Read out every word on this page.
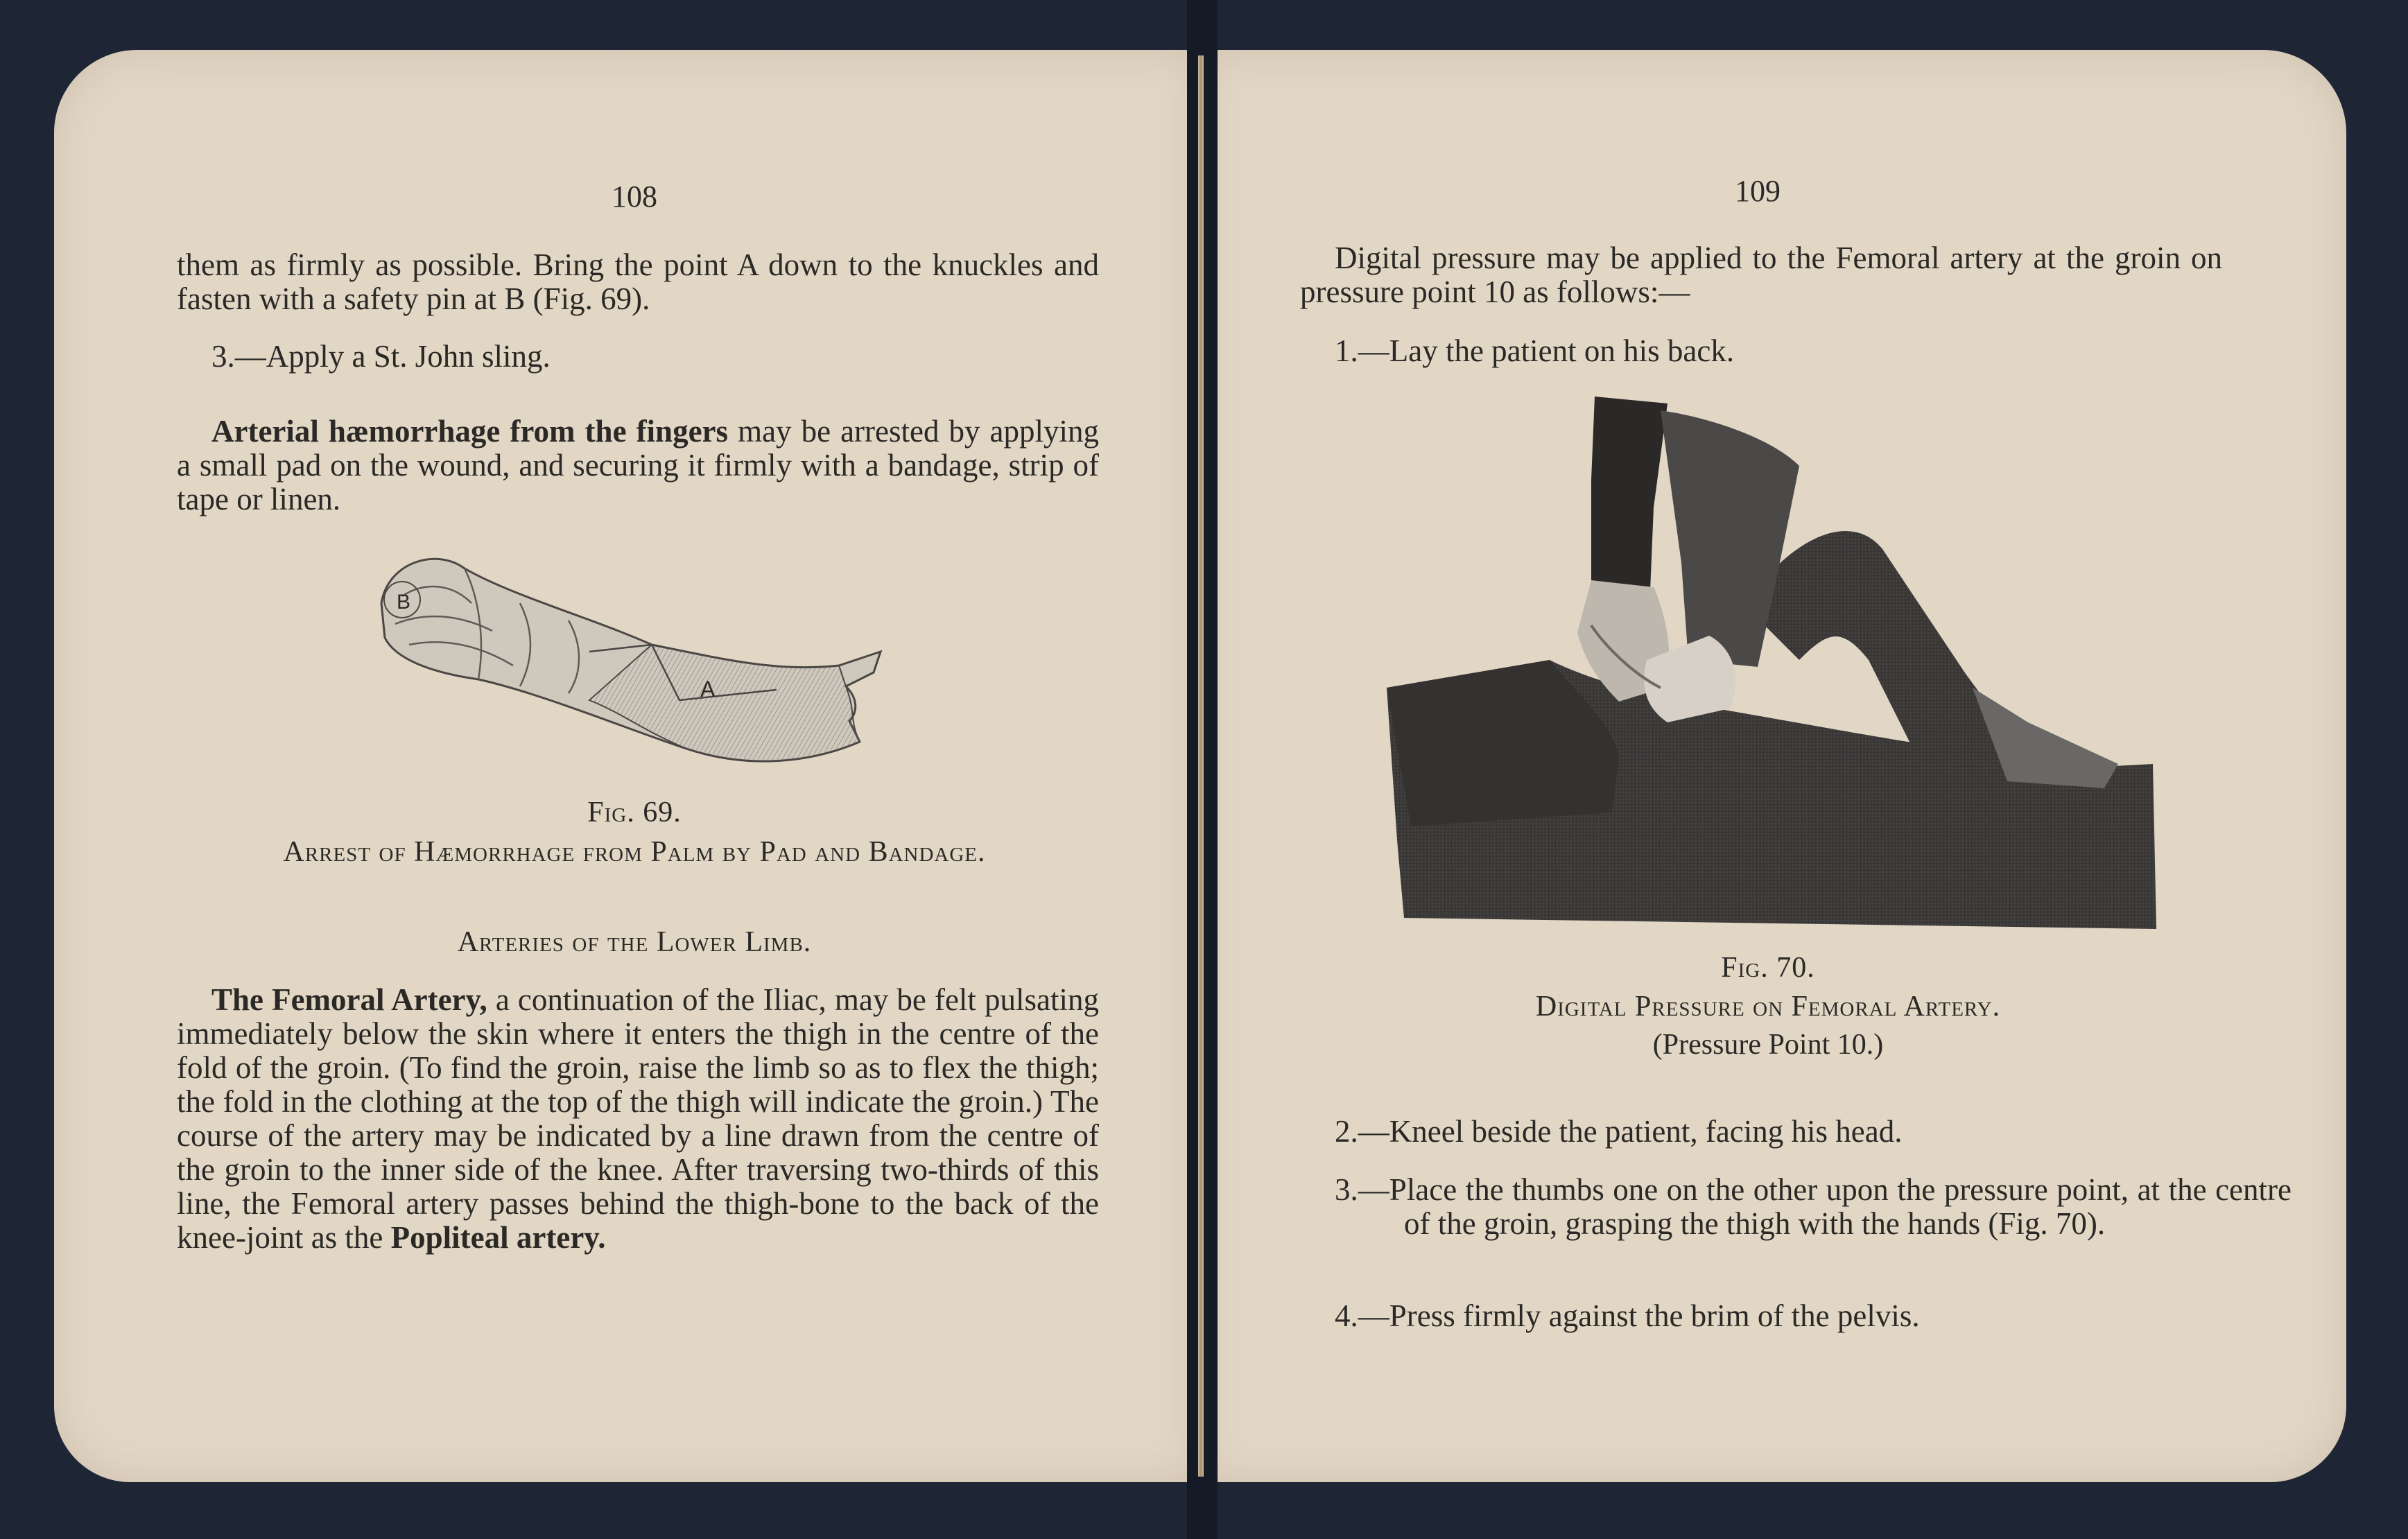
108

them as firmly as possible. Bring the point A down to the knuckles and fasten with a safety pin at B (Fig. 69).

3.—Apply a St. John sling.

Arterial hæmorrhage from the fingers may be arrested by applying a small pad on the wound, and securing it firmly with a bandage, strip of tape or linen.

B
A
Fig. 69.
Arrest of Hæmorrhage from Palm by Pad and Bandage.
Arteries of the Lower Limb.

The Femoral Artery, a continuation of the Iliac, may be felt pulsating immediately below the skin where it enters the thigh in the centre of the fold of the groin. (To find the groin, raise the limb so as to flex the thigh; the fold in the clothing at the top of the thigh will indicate the groin.) The course of the artery may be indicated by a line drawn from the centre of the groin to the inner side of the knee. After traversing two-thirds of this line, the Femoral artery passes behind the thigh-bone to the back of the knee-joint as the Popliteal artery.

109

Digital pressure may be applied to the Femoral artery at the groin on pressure point 10 as follows:—

1.—Lay the patient on his back.

Fig. 70.
Digital Pressure on Femoral Artery.
(Pressure Point 10.)

2.—Kneel beside the patient, facing his head.

3.—Place the thumbs one on the other upon the pressure point, at the centre of the groin, grasping the thigh with the hands (Fig. 70).

4.—Press firmly against the brim of the pelvis.
